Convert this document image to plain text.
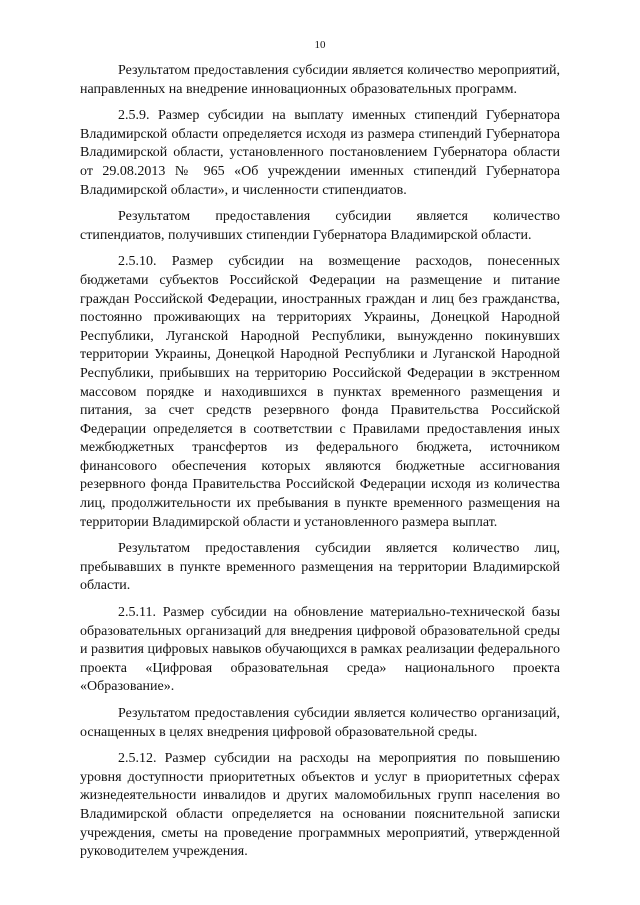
10

Результатом предоставления субсидии является количество мероприятий, направленных на внедрение инновационных образовательных программ.

2.5.9. Размер субсидии на выплату именных стипендий Губернатора Владимирской области определяется исходя из размера стипендий Губернатора Владимирской области, установленного постановлением Губернатора области от 29.08.2013 № 965 «Об учреждении именных стипендий Губернатора Владимирской области», и численности стипендиатов.

Результатом предоставления субсидии является количество стипендиатов, получивших стипендии Губернатора Владимирской области.

2.5.10. Размер субсидии на возмещение расходов, понесенных бюджетами субъектов Российской Федерации на размещение и питание граждан Российской Федерации, иностранных граждан и лиц без гражданства, постоянно проживающих на территориях Украины, Донецкой Народной Республики, Луганской Народной Республики, вынужденно покинувших территории Украины, Донецкой Народной Республики и Луганской Народной Республики, прибывших на территорию Российской Федерации в экстренном массовом порядке и находившихся в пунктах временного размещения и питания, за счет средств резервного фонда Правительства Российской Федерации определяется в соответствии с Правилами предоставления иных межбюджетных трансфертов из федерального бюджета, источником финансового обеспечения которых являются бюджетные ассигнования резервного фонда Правительства Российской Федерации исходя из количества лиц, продолжительности их пребывания в пункте временного размещения на территории Владимирской области и установленного размера выплат.

Результатом предоставления субсидии является количество лиц, пребывавших в пункте временного размещения на территории Владимирской области.

2.5.11. Размер субсидии на обновление материально-технической базы образовательных организаций для внедрения цифровой образовательной среды и развития цифровых навыков обучающихся в рамках реализации федерального проекта «Цифровая образовательная среда» национального проекта «Образование».

Результатом предоставления субсидии является количество организаций, оснащенных в целях внедрения цифровой образовательной среды.

2.5.12. Размер субсидии на расходы на мероприятия по повышению уровня доступности приоритетных объектов и услуг в приоритетных сферах жизнедеятельности инвалидов и других маломобильных групп населения во Владимирской области определяется на основании пояснительной записки учреждения, сметы на проведение программных мероприятий, утвержденной руководителем учреждения.
